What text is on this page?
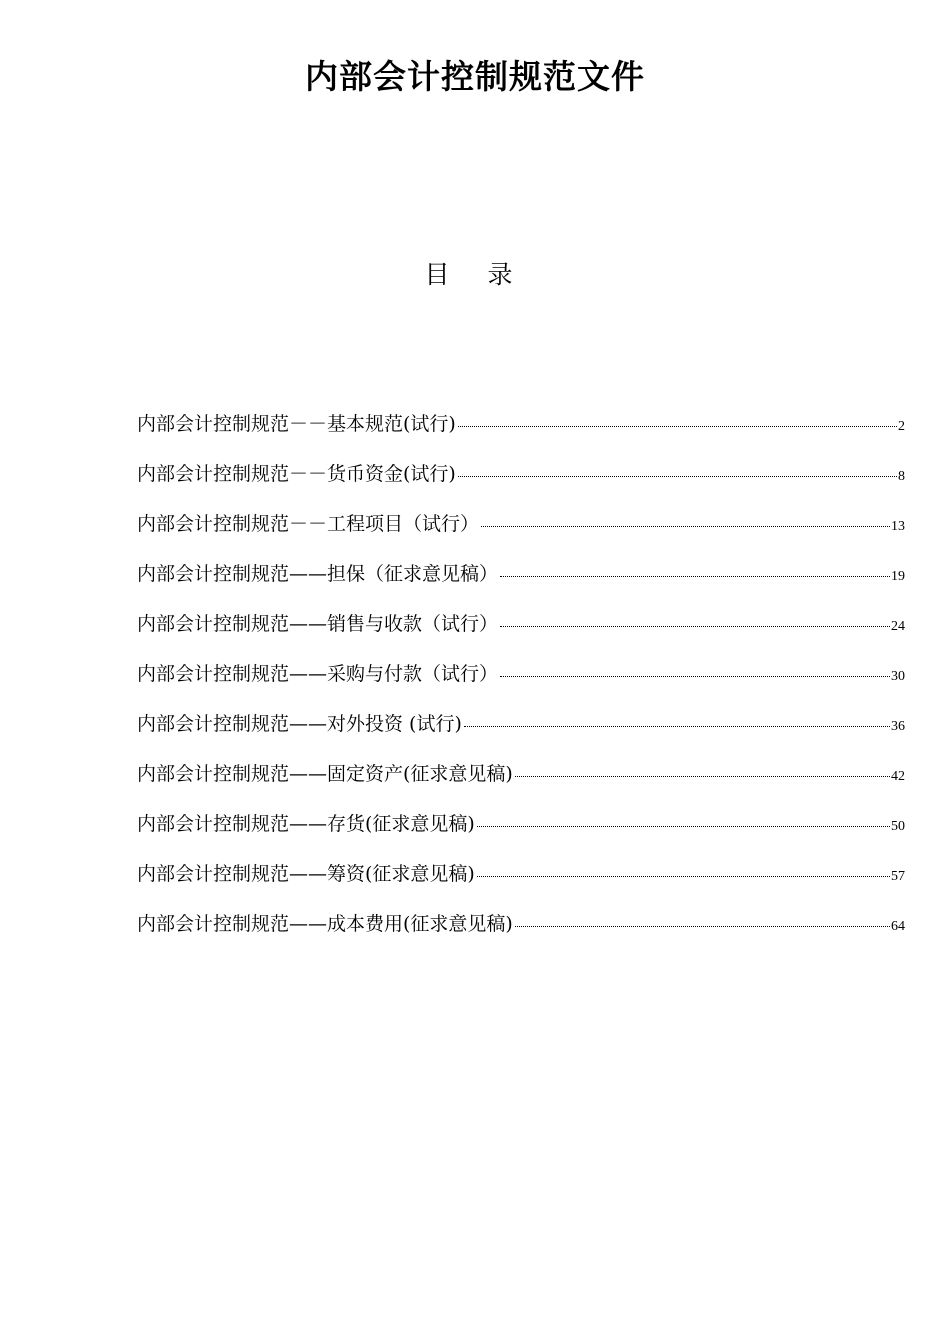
内部会计控制规范文件
目录
内部会计控制规范－－基本规范(试行)	2
内部会计控制规范－－货币资金(试行)	8
内部会计控制规范－－工程项目（试行）	13
内部会计控制规范——担保（征求意见稿）	19
内部会计控制规范——销售与收款（试行）	24
内部会计控制规范——采购与付款（试行）	30
内部会计控制规范——对外投资 (试行)	36
内部会计控制规范——固定资产(征求意见稿)	42
内部会计控制规范——存货(征求意见稿)	50
内部会计控制规范——筹资(征求意见稿)	57
内部会计控制规范——成本费用(征求意见稿)	64
